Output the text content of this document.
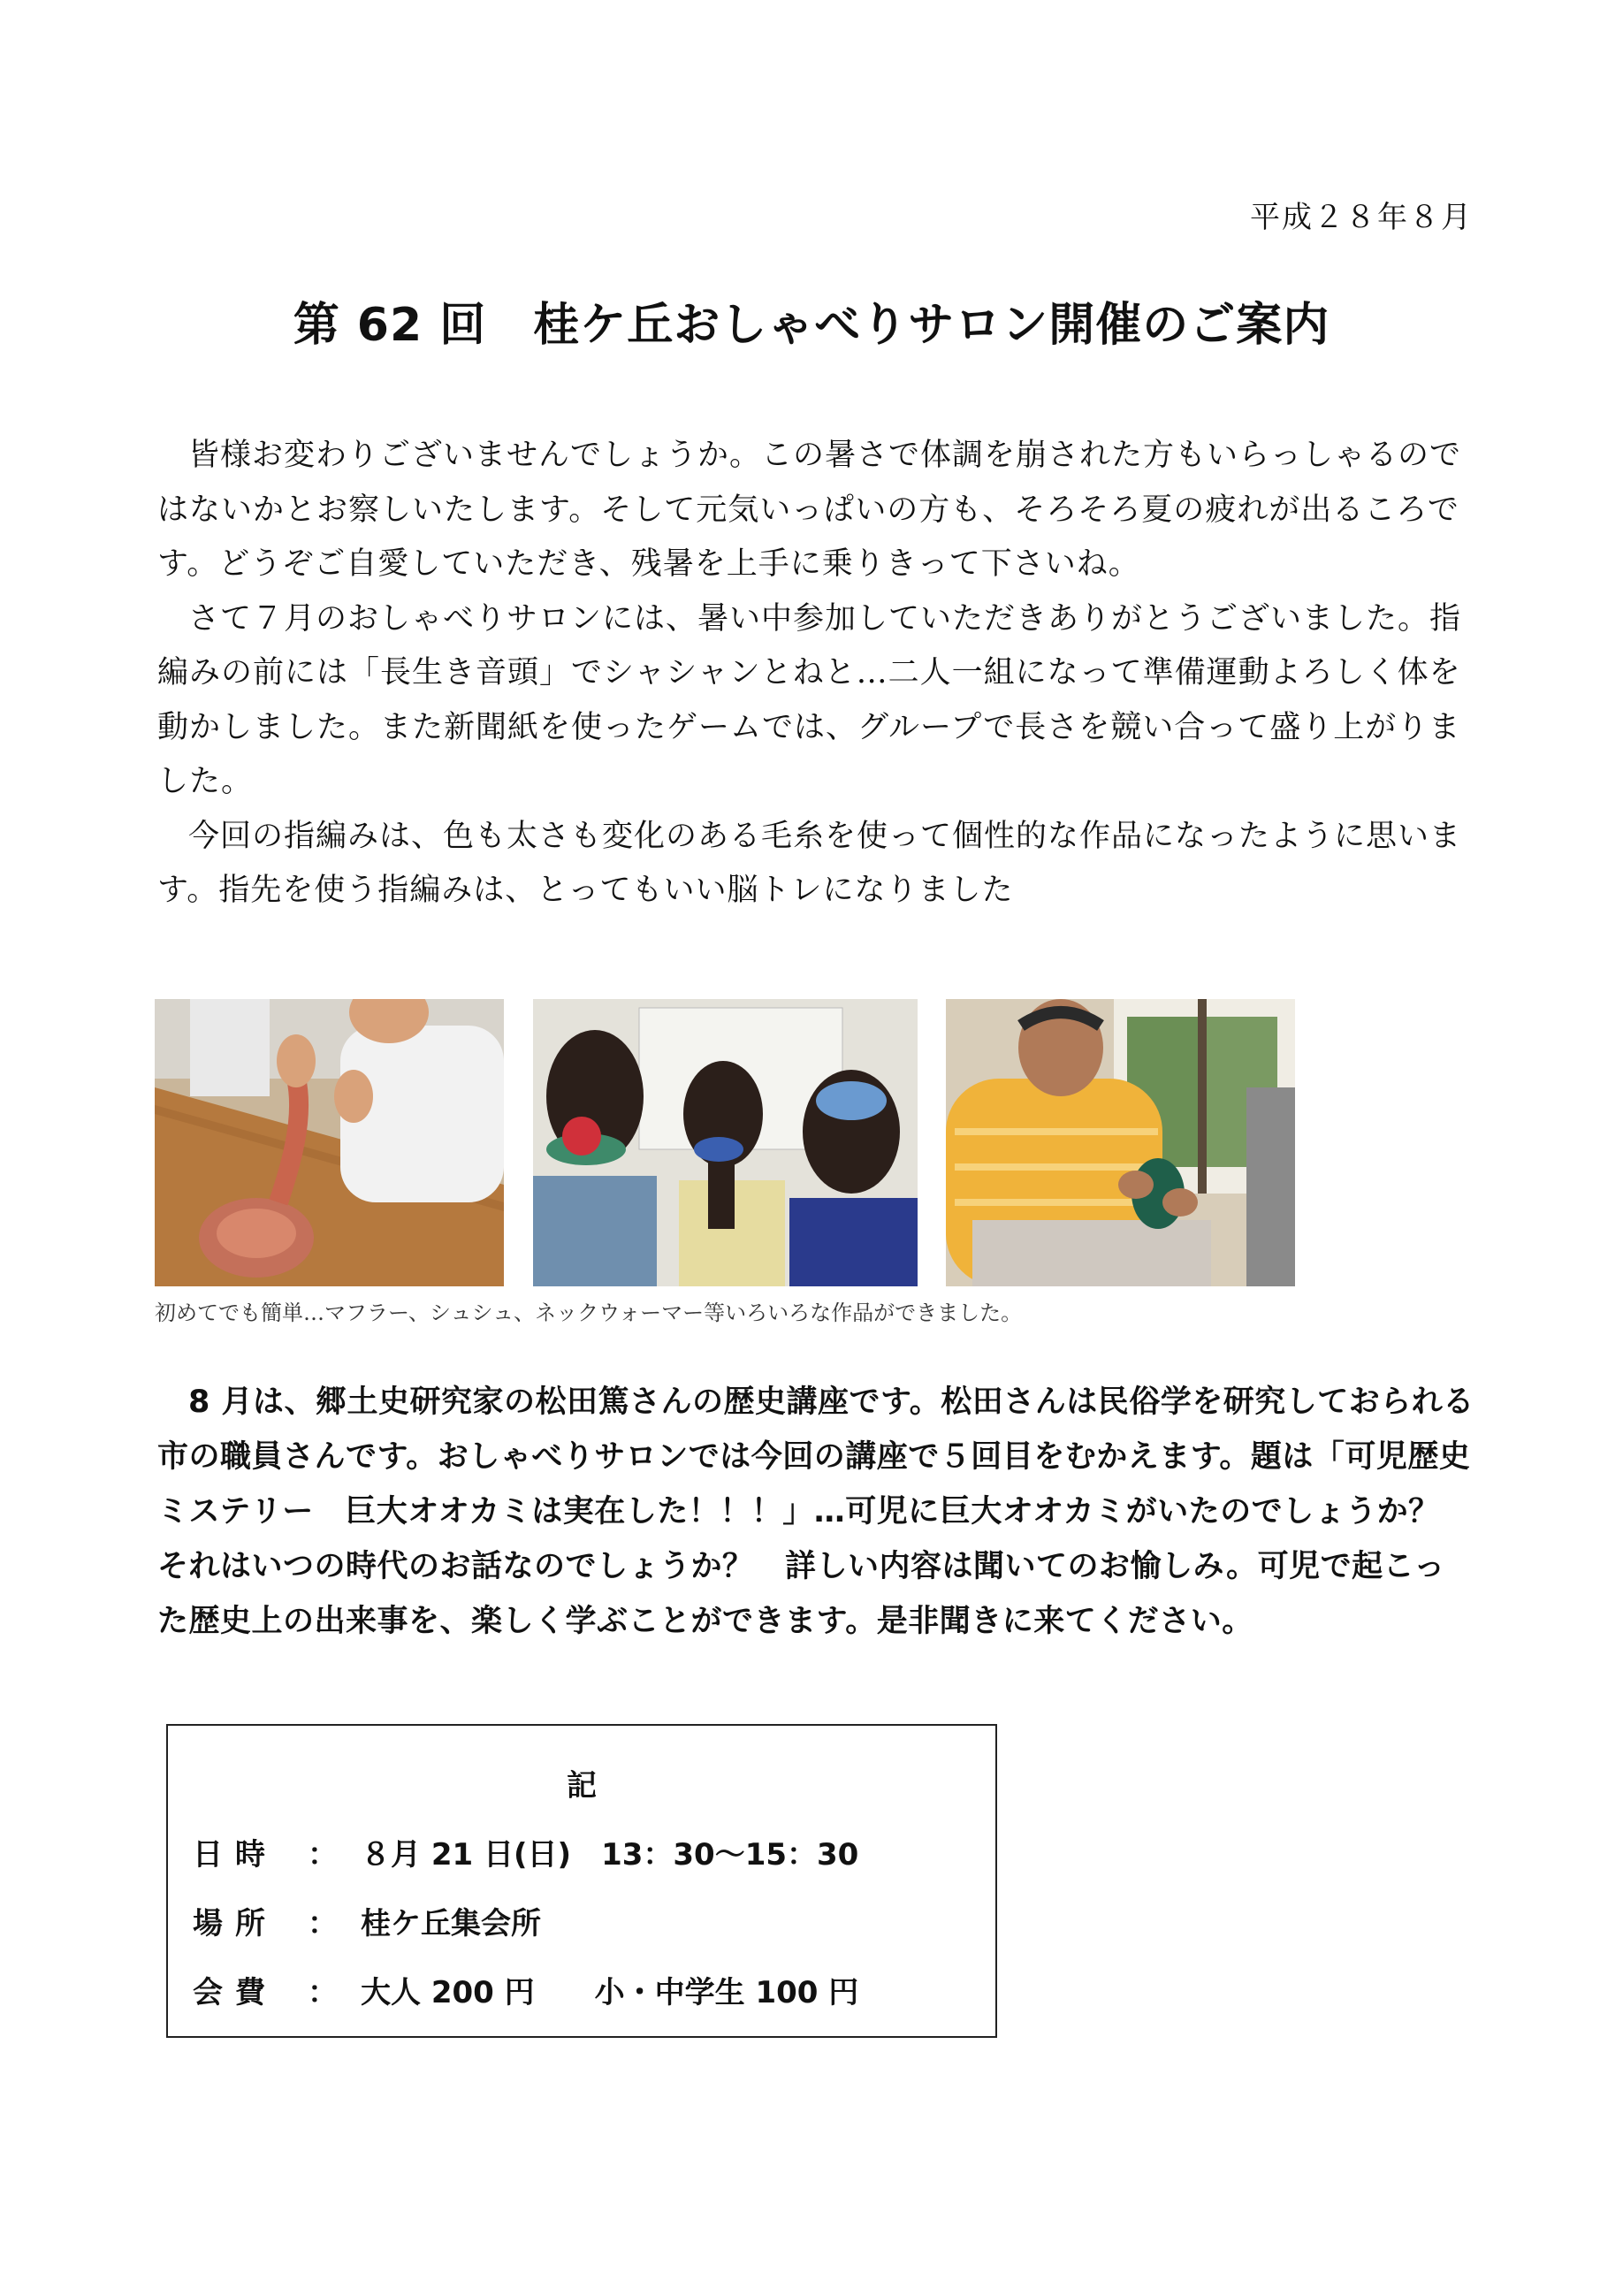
平成２８年８月
第 62 回　桂ケ丘おしゃべりサロン開催のご案内

皆様お変わりございませんでしょうか。この暑さで体調を崩された方もいらっしゃるのではないかとお察しいたします。そして元気いっぱいの方も、そろそろ夏の疲れが出るころです。どうぞご自愛していただき、残暑を上手に乗りきって下さいね。

さて７月のおしゃべりサロンには、暑い中参加していただきありがとうございました。指編みの前には「長生き音頭」でシャシャンとねと…二人一組になって準備運動よろしく体を動かしました。また新聞紙を使ったゲームでは、グループで長さを競い合って盛り上がりました。

今回の指編みは、色も太さも変化のある毛糸を使って個性的な作品になったように思います。指先を使う指編みは、とってもいい脳トレになりました

初めてでも簡単…マフラー、シュシュ、ネックウォーマー等いろいろな作品ができました。

8 月は、郷土史研究家の松田篤さんの歴史講座です。松田さんは民俗学を研究しておられる市の職員さんです。おしゃべりサロンでは今回の講座で５回目をむかえます。題は「可児歴史ミステリー　巨大オオカミは実在した！！！」…可児に巨大オオカミがいたのでしょうか？　それはいつの時代のお話なのでしょうか？　詳しい内容は聞いてのお愉しみ。可児で起こった歴史上の出来事を、楽しく学ぶことができます。是非聞きに来てください。

記
日時 ： ８月 21 日(日)　13：30〜15：30
場所 ： 桂ケ丘集会所
会費 ： 大人 200 円　　小・中学生 100 円
